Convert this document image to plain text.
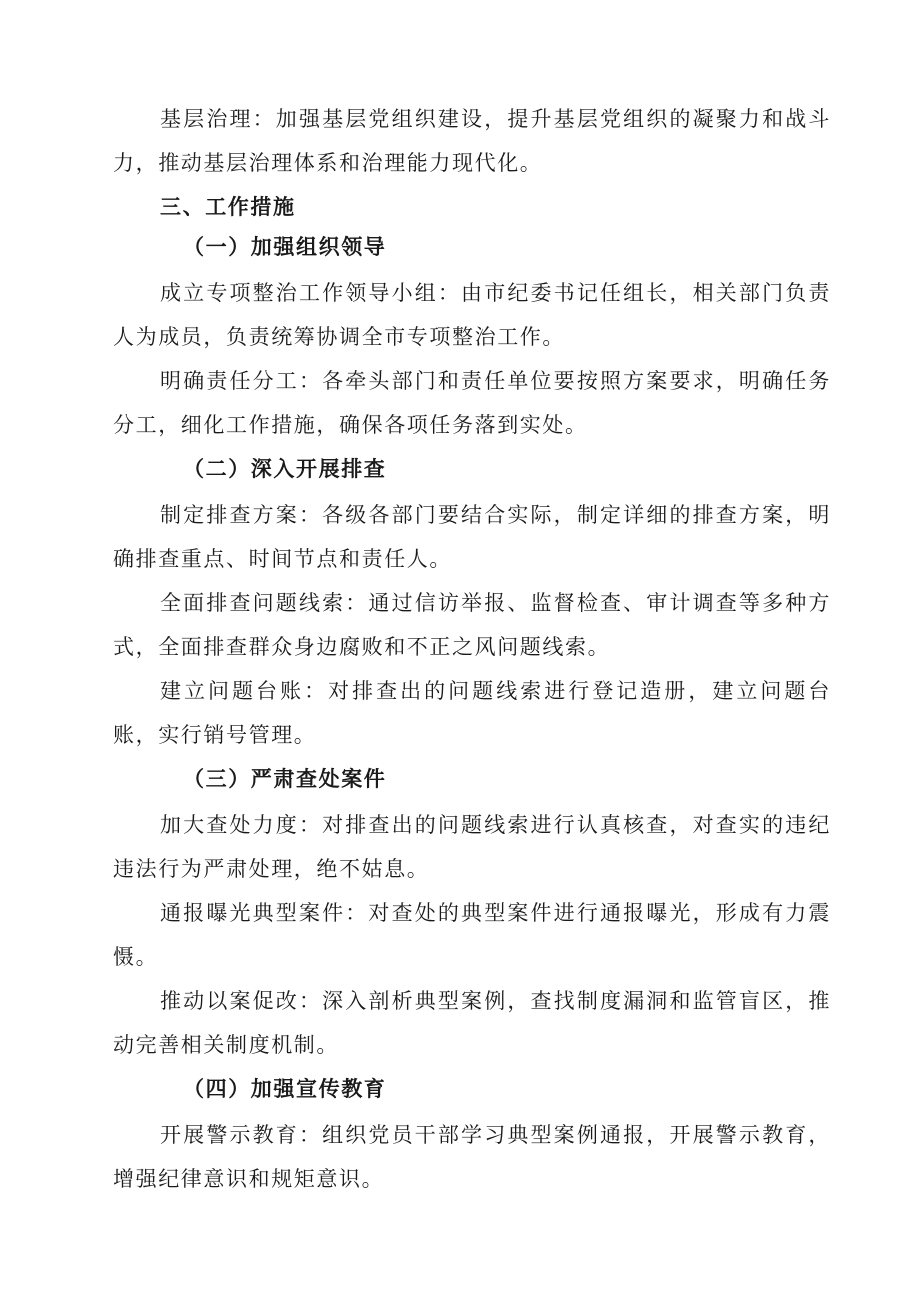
基层治理：加强基层党组织建设，提升基层党组织的凝聚力和战斗力，推动基层治理体系和治理能力现代化。

三、工作措施
（一）加强组织领导

成立专项整治工作领导小组：由市纪委书记任组长，相关部门负责人为成员，负责统筹协调全市专项整治工作。

明确责任分工：各牵头部门和责任单位要按照方案要求，明确任务分工，细化工作措施，确保各项任务落到实处。

（二）深入开展排查

制定排查方案：各级各部门要结合实际，制定详细的排查方案，明确排查重点、时间节点和责任人。

全面排查问题线索：通过信访举报、监督检查、审计调查等多种方式，全面排查群众身边腐败和不正之风问题线索。

建立问题台账：对排查出的问题线索进行登记造册，建立问题台账，实行销号管理。

（三）严肃查处案件

加大查处力度：对排查出的问题线索进行认真核查，对查实的违纪违法行为严肃处理，绝不姑息。

通报曝光典型案件：对查处的典型案件进行通报曝光，形成有力震慑。

推动以案促改：深入剖析典型案例，查找制度漏洞和监管盲区，推动完善相关制度机制。

（四）加强宣传教育

开展警示教育：组织党员干部学习典型案例通报，开展警示教育，增强纪律意识和规矩意识。
